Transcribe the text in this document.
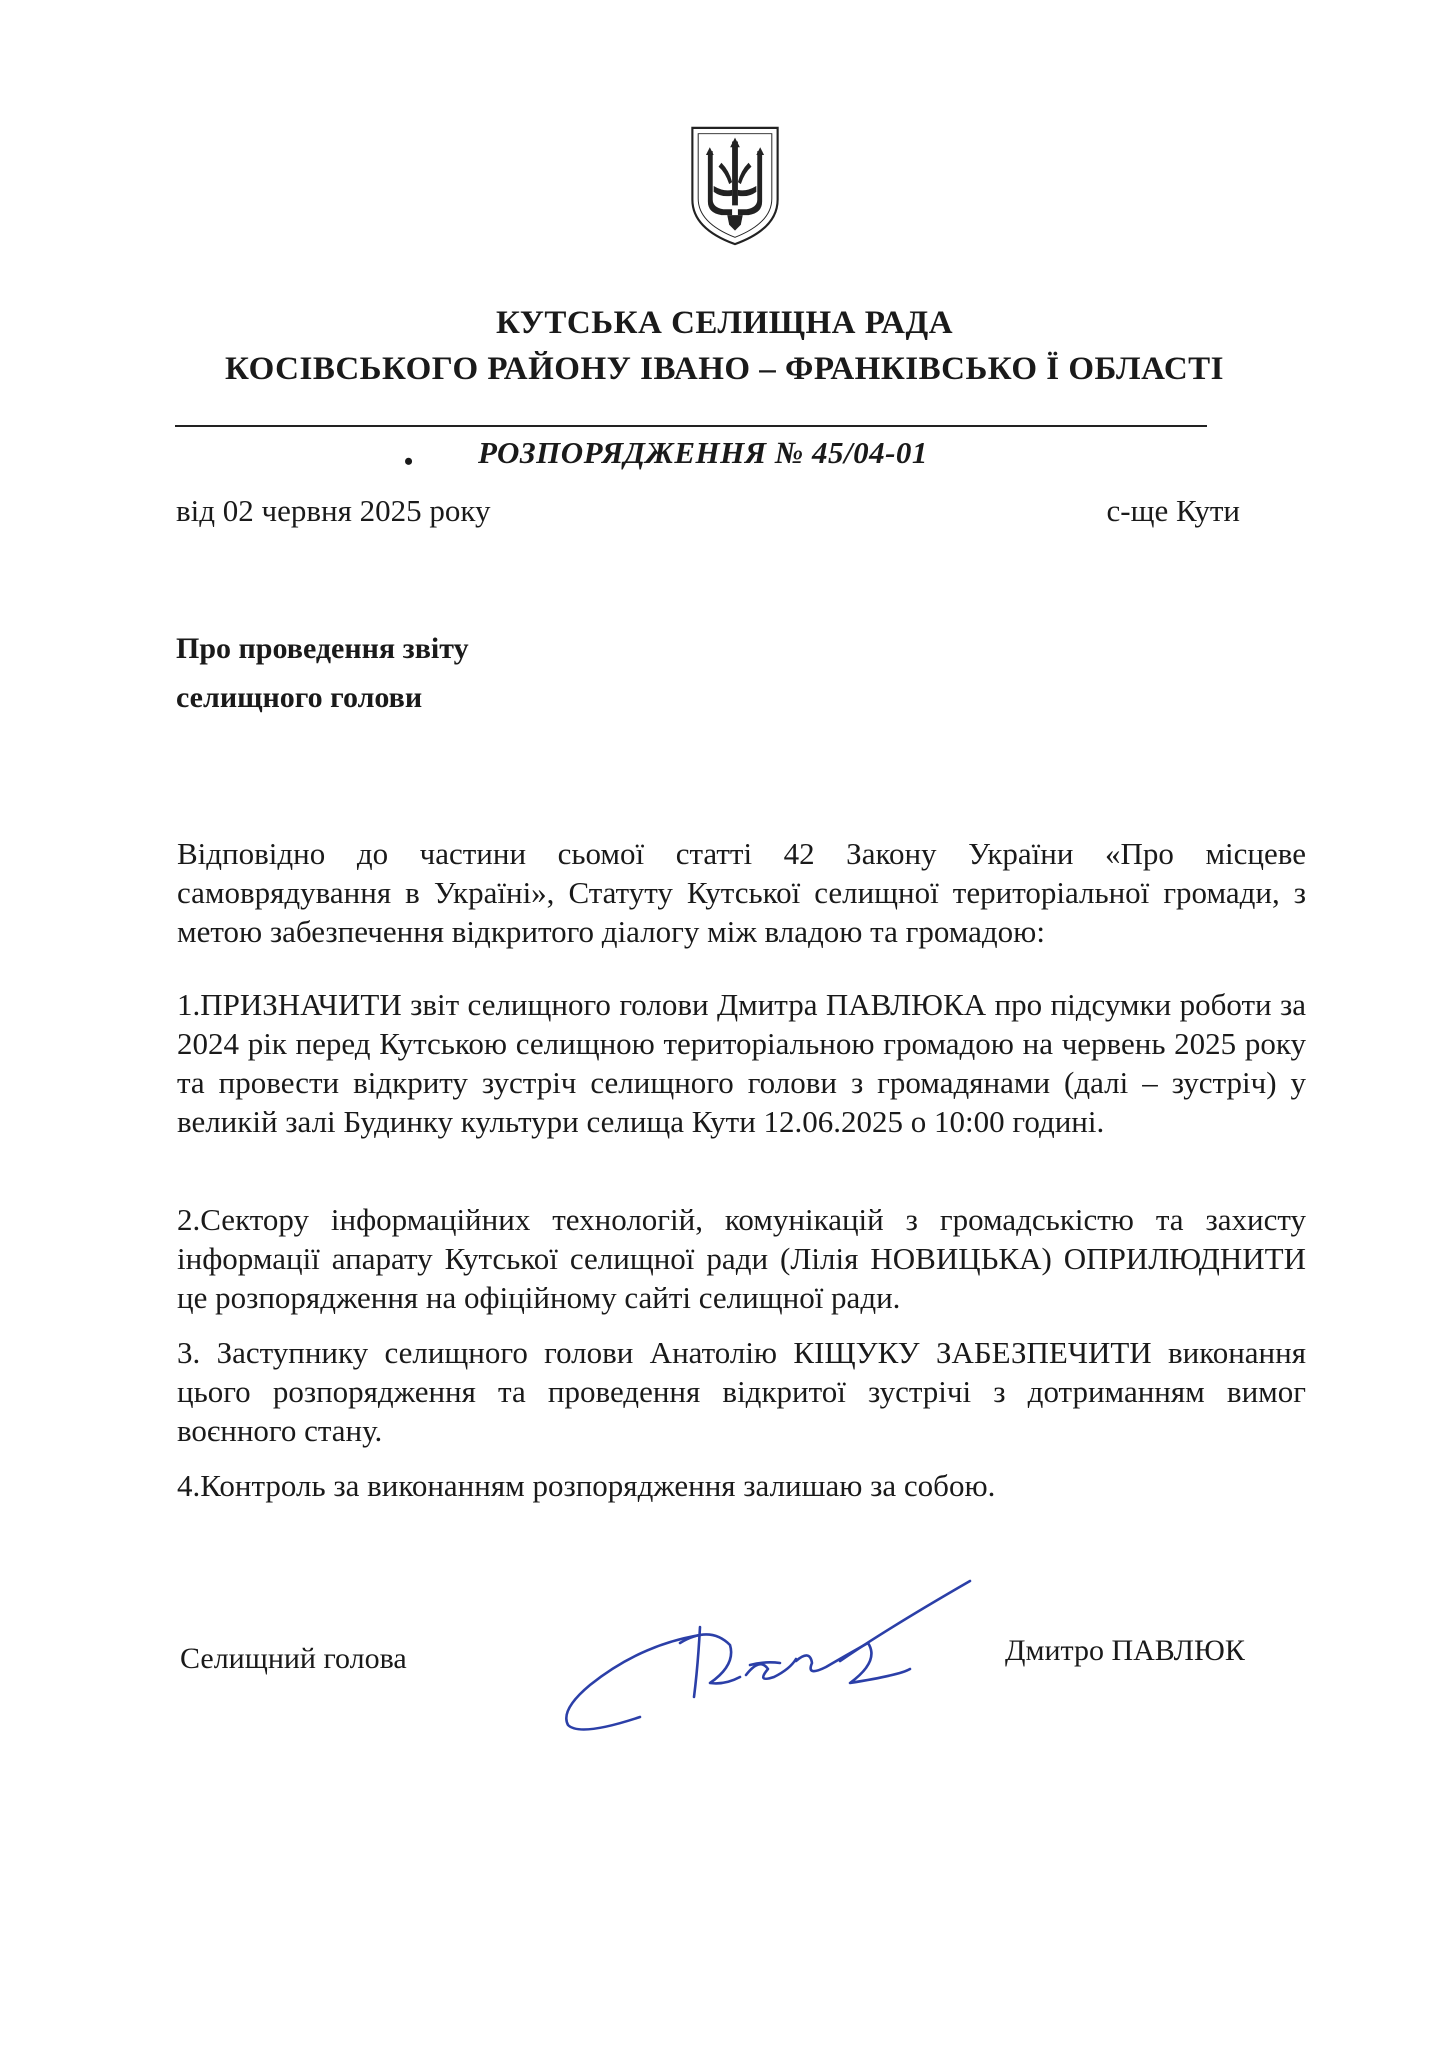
КУТСЬКА СЕЛИЩНА РАДА
КОСІВСЬКОГО РАЙОНУ ІВАНО – ФРАНКІВСЬКО Ї ОБЛАСТІ
• РОЗПОРЯДЖЕННЯ № 45/04-01
від 02 червня 2025 року	с-ще Кути
Про проведення звіту
селищного голови
Відповідно до частини сьомої статті 42 Закону України «Про місцеве самоврядування в Україні», Статуту Кутської селищної територіальної громади, з метою забезпечення відкритого діалогу між владою та громадою:
1.ПРИЗНАЧИТИ звіт селищного голови Дмитра ПАВЛЮКА про підсумки роботи за 2024 рік перед Кутською селищною територіальною громадою на червень 2025 року та провести відкриту зустріч селищного голови з громадянами (далі – зустріч) у великій залі Будинку культури селища Кути 12.06.2025 о 10:00 годині.
2.Сектору інформаційних технологій, комунікацій з громадськістю та захисту інформації апарату Кутської селищної ради (Лілія НОВИЦЬКА) ОПРИЛЮДНИТИ це розпорядження на офіційному сайті селищної ради.
3. Заступнику селищного голови Анатолію КІЩУКУ ЗАБЕЗПЕЧИТИ виконання цього розпорядження та проведення відкритої зустрічі з дотриманням вимог воєнного стану.
4.Контроль за виконанням розпорядження залишаю за собою.
Селищний голова	Дмитро ПАВЛЮК
